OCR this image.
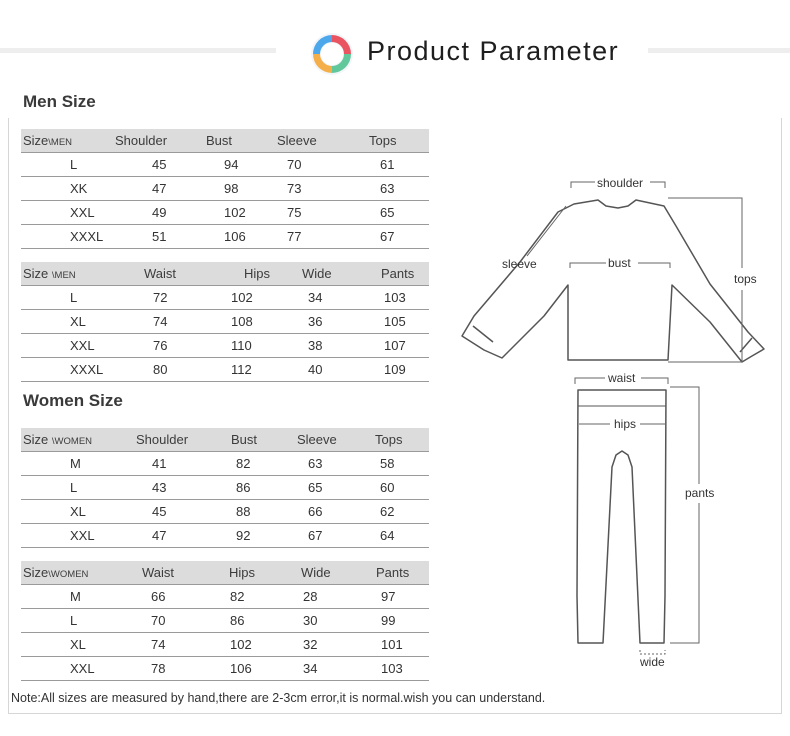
Product Parameter
Men Size
Size\MEN	Shoulder	Bust	Sleeve	Tops
L	45	94	70	61
XK	47	98	73	63
XXL	49	102	75	65
XXXL	51	106	77	67
Size \MEN	Waist	Hips	Wide	Pants
L	72	102	34	103
XL	74	108	36	105
XXL	76	110	38	107
XXXL	80	112	40	109
Women Size
Size \WOMEN	Shoulder	Bust	Sleeve	Tops
M	41	82	63	58
L	43	86	65	60
XL	45	88	66	62
XXL	47	92	67	64
Size\WOMEN	Waist	Hips	Wide	Pants
M	66	82	28	97
L	70	86	30	99
XL	74	102	32	101
XXL	78	106	34	103
shoulder
sleeve	bust
tops
waist
hips
pants
wide
Note:All sizes are measured by hand,there are 2-3cm error,it is normal.wish you can understand.
